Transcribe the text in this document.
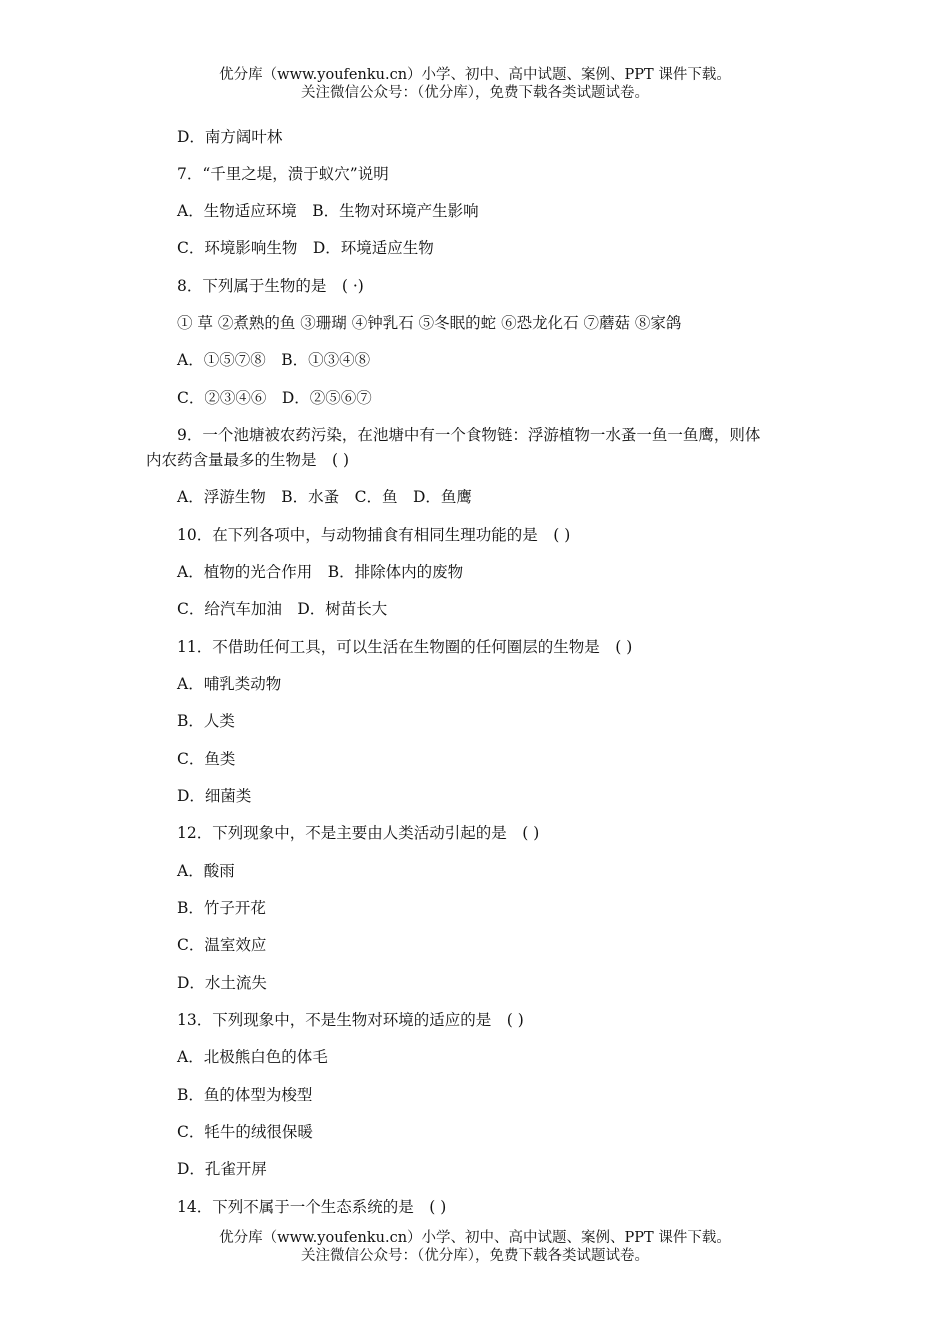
优分库（www.youfenku.cn）小学、初中、高中试题、案例、PPT 课件下载。
关注微信公众号：（优分库），免费下载各类试题试卷。
D．南方阔叶林
7．“千里之堤，溃于蚁穴”说明
A．生物适应环境　B．生物对环境产生影响
C．环境影响生物　D．环境适应生物
8．下列属于生物的是　( ·)
① 草 ②煮熟的鱼 ③珊瑚 ④钟乳石 ⑤冬眠的蛇 ⑥恐龙化石 ⑦蘑菇 ⑧家鸽
A．①⑤⑦⑧　B．①③④⑧
C．②③④⑥　D．②⑤⑥⑦
9．一个池塘被农药污染，在池塘中有一个食物链：浮游植物一水蚤一鱼一鱼鹰，则体
内农药含量最多的生物是　( )
A．浮游生物　B．水蚤　C．鱼　D．鱼鹰
10．在下列各项中，与动物捕食有相同生理功能的是　( )
A．植物的光合作用　B．排除体内的废物
C．给汽车加油　D．树苗长大
11．不借助任何工具，可以生活在生物圈的任何圈层的生物是　( )
A．哺乳类动物
B．人类
C．鱼类
D．细菌类
12．下列现象中，不是主要由人类活动引起的是　( )
A．酸雨
B．竹子开花
C．温室效应
D．水土流失
13．下列现象中，不是生物对环境的适应的是　( )
A．北极熊白色的体毛
B．鱼的体型为梭型
C．牦牛的绒很保暖
D．孔雀开屏
14．下列不属于一个生态系统的是　( )
优分库（www.youfenku.cn）小学、初中、高中试题、案例、PPT 课件下载。
关注微信公众号：（优分库），免费下载各类试题试卷。
